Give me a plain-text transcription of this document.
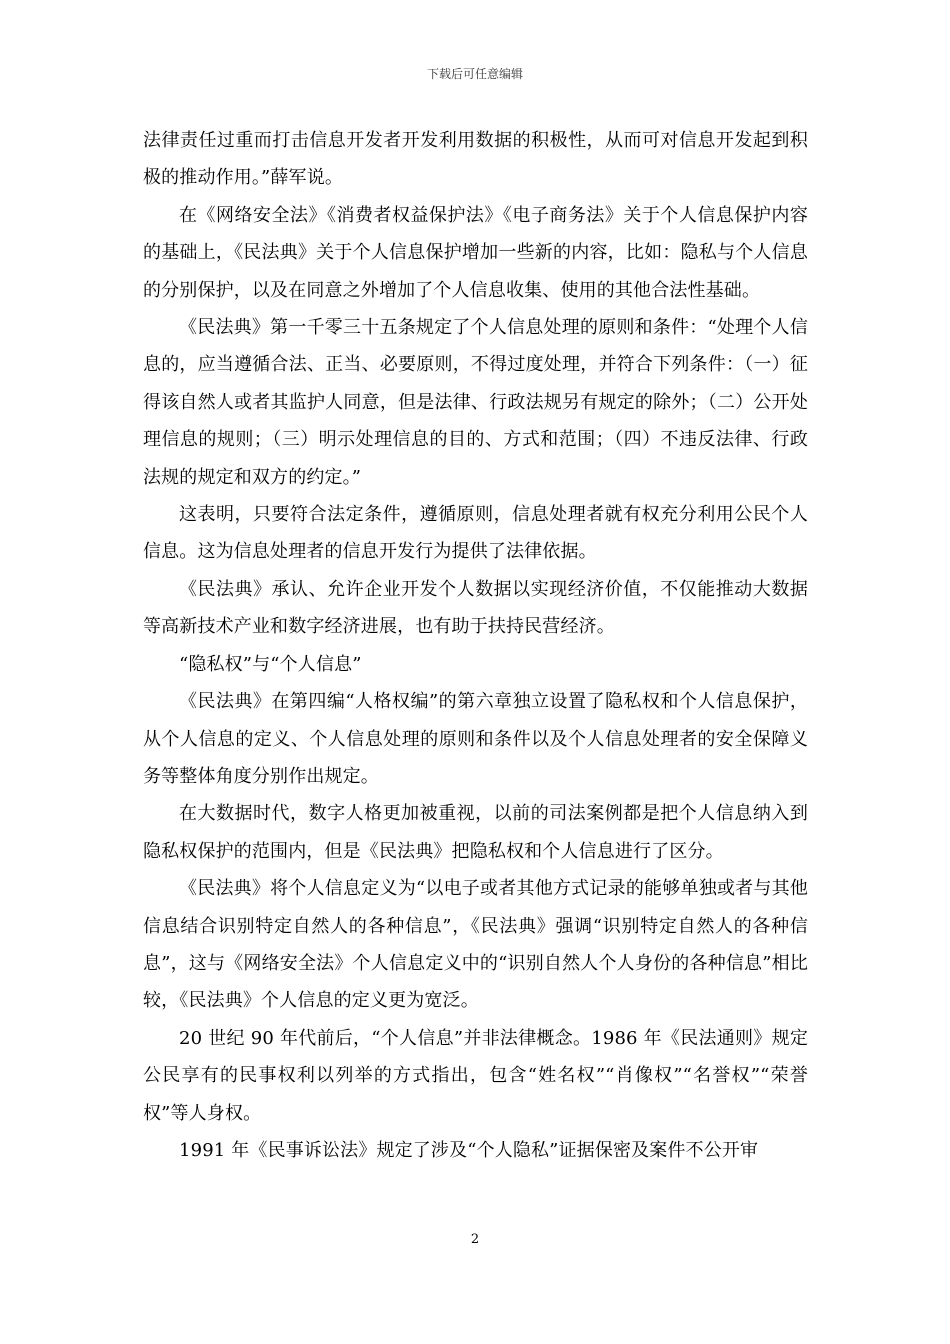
下载后可任意编辑

法律责任过重而打击信息开发者开发利用数据的积极性，从而可对信息开发起到积极的推动作用。”薛军说。

在《网络安全法》《消费者权益保护法》《电子商务法》关于个人信息保护内容的基础上，《民法典》关于个人信息保护增加一些新的内容，比如：隐私与个人信息的分别保护，以及在同意之外增加了个人信息收集、使用的其他合法性基础。

《民法典》第一千零三十五条规定了个人信息处理的原则和条件：“处理个人信息的，应当遵循合法、正当、必要原则，不得过度处理，并符合下列条件：（一）征得该自然人或者其监护人同意，但是法律、行政法规另有规定的除外；（二）公开处理信息的规则；（三）明示处理信息的目的、方式和范围；（四）不违反法律、行政法规的规定和双方的约定。”

这表明，只要符合法定条件，遵循原则，信息处理者就有权充分利用公民个人信息。这为信息处理者的信息开发行为提供了法律依据。

《民法典》承认、允许企业开发个人数据以实现经济价值，不仅能推动大数据等高新技术产业和数字经济进展，也有助于扶持民营经济。

“隐私权”与“个人信息”

《民法典》在第四编“人格权编”的第六章独立设置了隐私权和个人信息保护，从个人信息的定义、个人信息处理的原则和条件以及个人信息处理者的安全保障义务等整体角度分别作出规定。

在大数据时代，数字人格更加被重视，以前的司法案例都是把个人信息纳入到隐私权保护的范围内，但是《民法典》把隐私权和个人信息进行了区分。

《民法典》将个人信息定义为“以电子或者其他方式记录的能够单独或者与其他信息结合识别特定自然人的各种信息”，《民法典》强调“识别特定自然人的各种信息”，这与《网络安全法》个人信息定义中的“识别自然人个人身份的各种信息”相比较，《民法典》个人信息的定义更为宽泛。

20 世纪 90 年代前后，“个人信息”并非法律概念。1986 年《民法通则》规定公民享有的民事权利以列举的方式指出，包含“姓名权”“肖像权”“名誉权”“荣誉权”等人身权。

1991 年《民事诉讼法》规定了涉及“个人隐私”证据保密及案件不公开审

2
